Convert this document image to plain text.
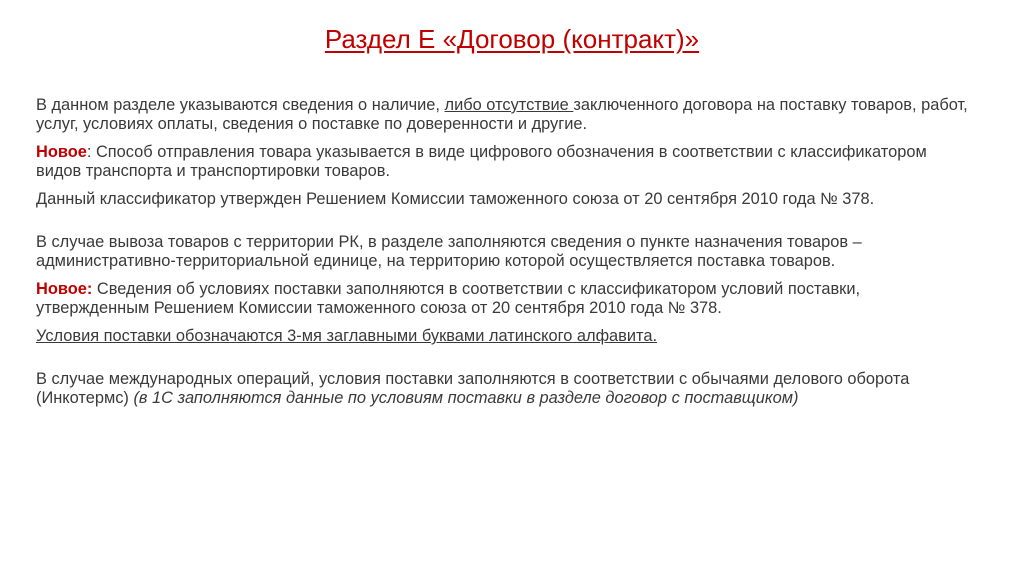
Раздел Е «Договор (контракт)»

В данном разделе указываются сведения о наличие, либо отсутствие заключенного договора на поставку товаров, работ, услуг, условиях оплаты, сведения о поставке по доверенности и другие.

Новое: Способ отправления товара указывается в виде цифрового обозначения в соответствии с классификатором видов транспорта и транспортировки товаров.

Данный классификатор утвержден Решением Комиссии таможенного союза от 20 сентября 2010 года № 378.

В случае вывоза товаров с территории РК, в разделе заполняются сведения о пункте назначения товаров – административно-территориальной единице, на территорию которой осуществляется поставка товаров.

Новое: Сведения об условиях поставки заполняются в соответствии с классификатором условий поставки, утвержденным Решением Комиссии таможенного союза от 20 сентября 2010 года № 378.

Условия поставки обозначаются 3-мя заглавными буквами латинского алфавита.

В случае международных операций, условия поставки заполняются в соответствии с обычаями делового оборота (Инкотермс) (в 1С заполняются данные по условиям поставки в разделе договор с поставщиком)
